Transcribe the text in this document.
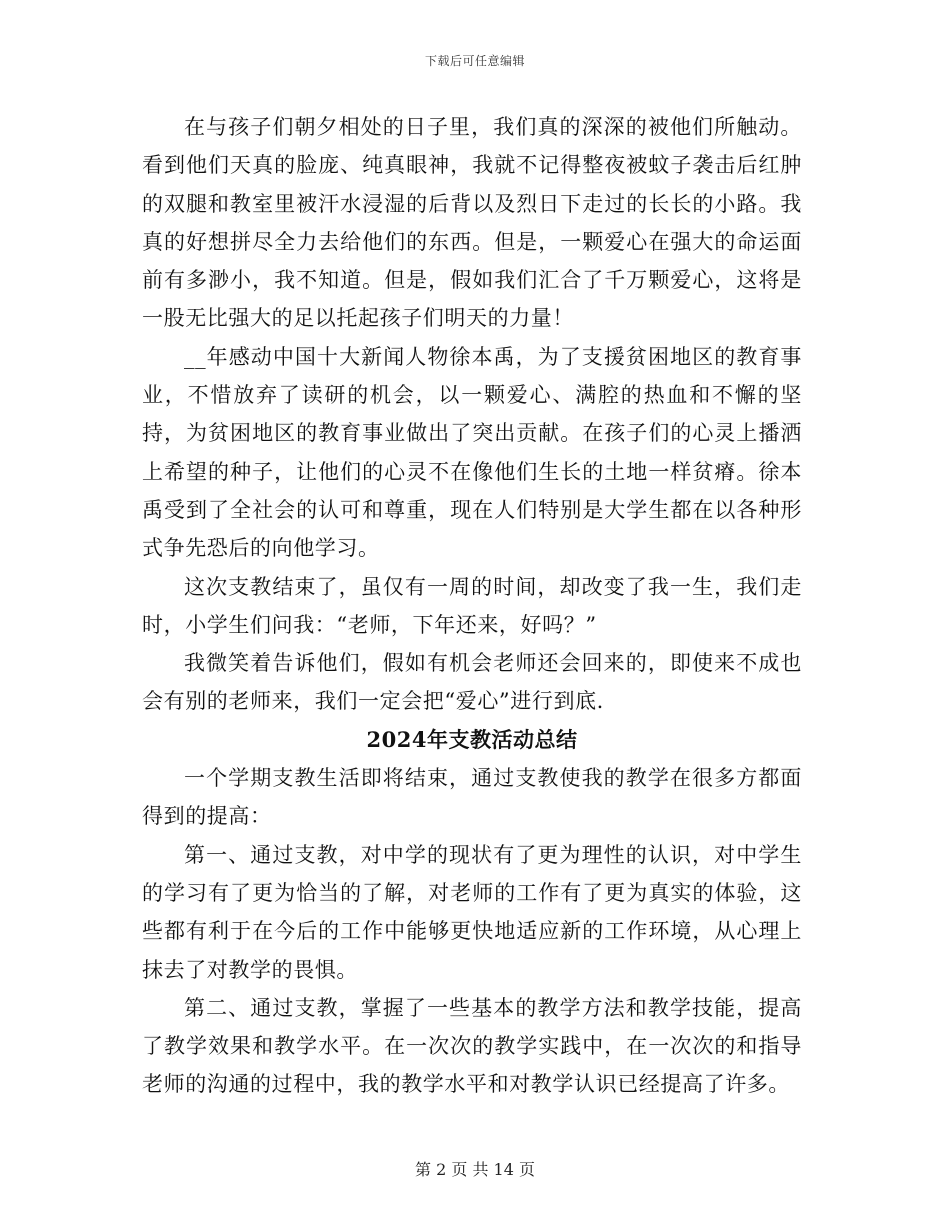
下载后可任意编辑

在与孩子们朝夕相处的日子里，我们真的深深的被他们所触动。看到他们天真的脸庞、纯真眼神，我就不记得整夜被蚊子袭击后红肿的双腿和教室里被汗水浸湿的后背以及烈日下走过的长长的小路。我真的好想拼尽全力去给他们的东西。但是，一颗爱心在强大的命运面前有多渺小，我不知道。但是，假如我们汇合了千万颗爱心，这将是一股无比强大的足以托起孩子们明天的力量！

__年感动中国十大新闻人物徐本禹，为了支援贫困地区的教育事业，不惜放弃了读研的机会，以一颗爱心、满腔的热血和不懈的坚持，为贫困地区的教育事业做出了突出贡献。在孩子们的心灵上播洒上希望的种子，让他们的心灵不在像他们生长的土地一样贫瘠。徐本禹受到了全社会的认可和尊重，现在人们特别是大学生都在以各种形式争先恐后的向他学习。

这次支教结束了，虽仅有一周的时间，却改变了我一生，我们走时，小学生们问我：“老师，下年还来，好吗？”

我微笑着告诉他们，假如有机会老师还会回来的，即使来不成也会有别的老师来，我们一定会把“爱心”进行到底.

2024年支教活动总结

一个学期支教生活即将结束，通过支教使我的教学在很多方都面得到的提高：

第一、通过支教，对中学的现状有了更为理性的认识，对中学生的学习有了更为恰当的了解，对老师的工作有了更为真实的体验，这些都有利于在今后的工作中能够更快地适应新的工作环境，从心理上抹去了对教学的畏惧。

第二、通过支教，掌握了一些基本的教学方法和教学技能，提高了教学效果和教学水平。在一次次的教学实践中，在一次次的和指导老师的沟通的过程中，我的教学水平和对教学认识已经提高了许多。

第 2 页 共 14 页
